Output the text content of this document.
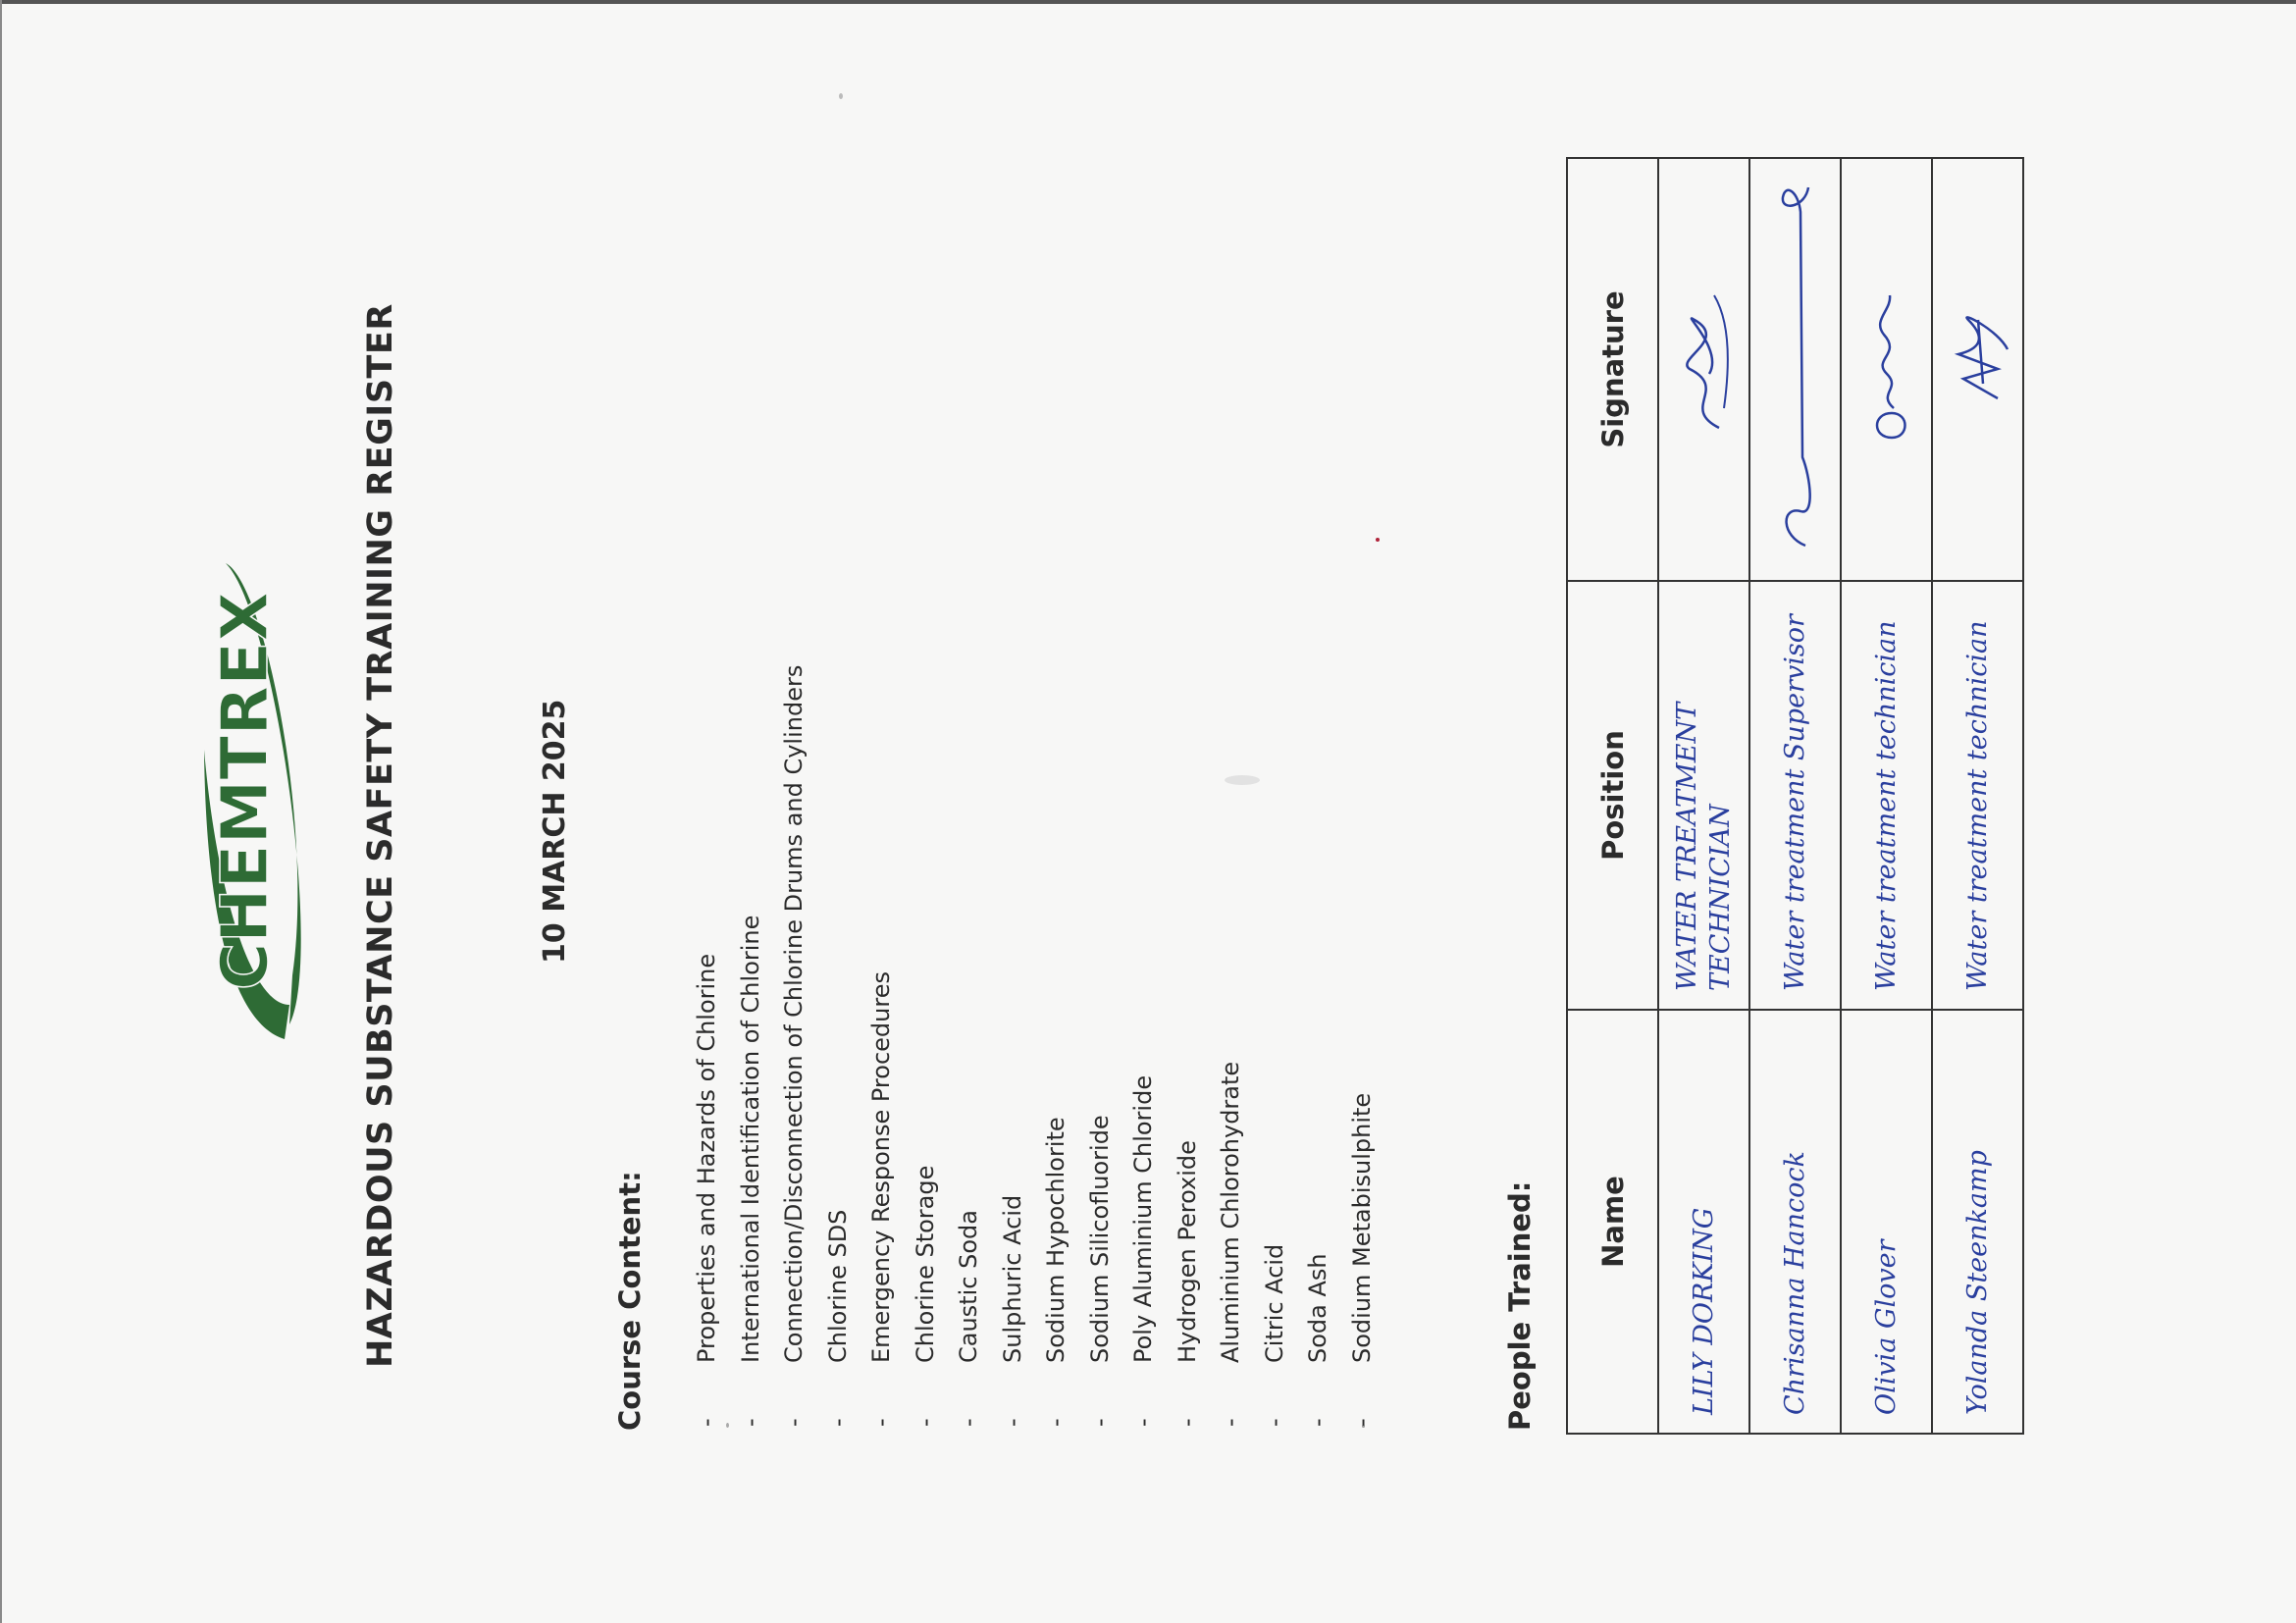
CHEMTREX HAZARDOUS SUBSTANCE SAFETY TRAINING REGISTER	10 MARCH 2025
Course Content:	-
Properties and Hazards of Chlorine
-
International Identification of Chlorine
-
Connection/Disconnection of Chlorine Drums and Cylinders
-
Chlorine SDS
-
Emergency Response Procedures
-
Chlorine Storage
-
Caustic Soda
-
Sulphuric Acid
-
Sodium Hypochlorite
-
Sodium Silicofluoride
-
Poly Aluminium Chloride
-
Hydrogen Peroxide
-
Aluminium Chlorohydrate
-
Citric Acid
-
Soda Ash
-
Sodium Metabisulphite	People Trained: Name	Position	Signature
LILY DORKING	WATER TREATMENT TECHNICIAN	

Chrisanna Hancock	Water treatment Supervisor	

Olivia Glover	Water treatment technician	

Yolanda Steenkamp	Water treatment technician	
